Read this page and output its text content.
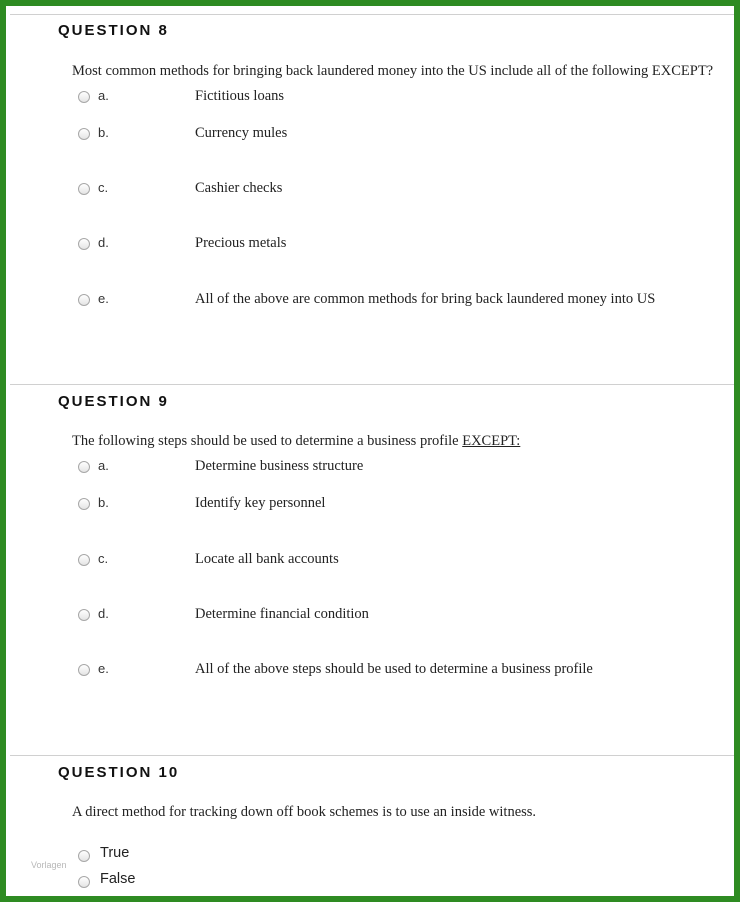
QUESTION 8
Most common methods for bringing back laundered money into the US include all of the following EXCEPT?
a.	Fictitious loans
b.	Currency mules
c.	Cashier checks
d.	Precious metals
e.	All of the above are common methods for bring back laundered money into US
QUESTION 9
The following steps should be used to determine a business profile EXCEPT:
a.	Determine business structure
b.	Identify key personnel
c.	Locate all bank accounts
d.	Determine financial condition
e.	All of the above steps should be used to determine a business profile
QUESTION 10
A direct method for tracking down off book schemes is to use an inside witness.
True
False
Vorlagen
